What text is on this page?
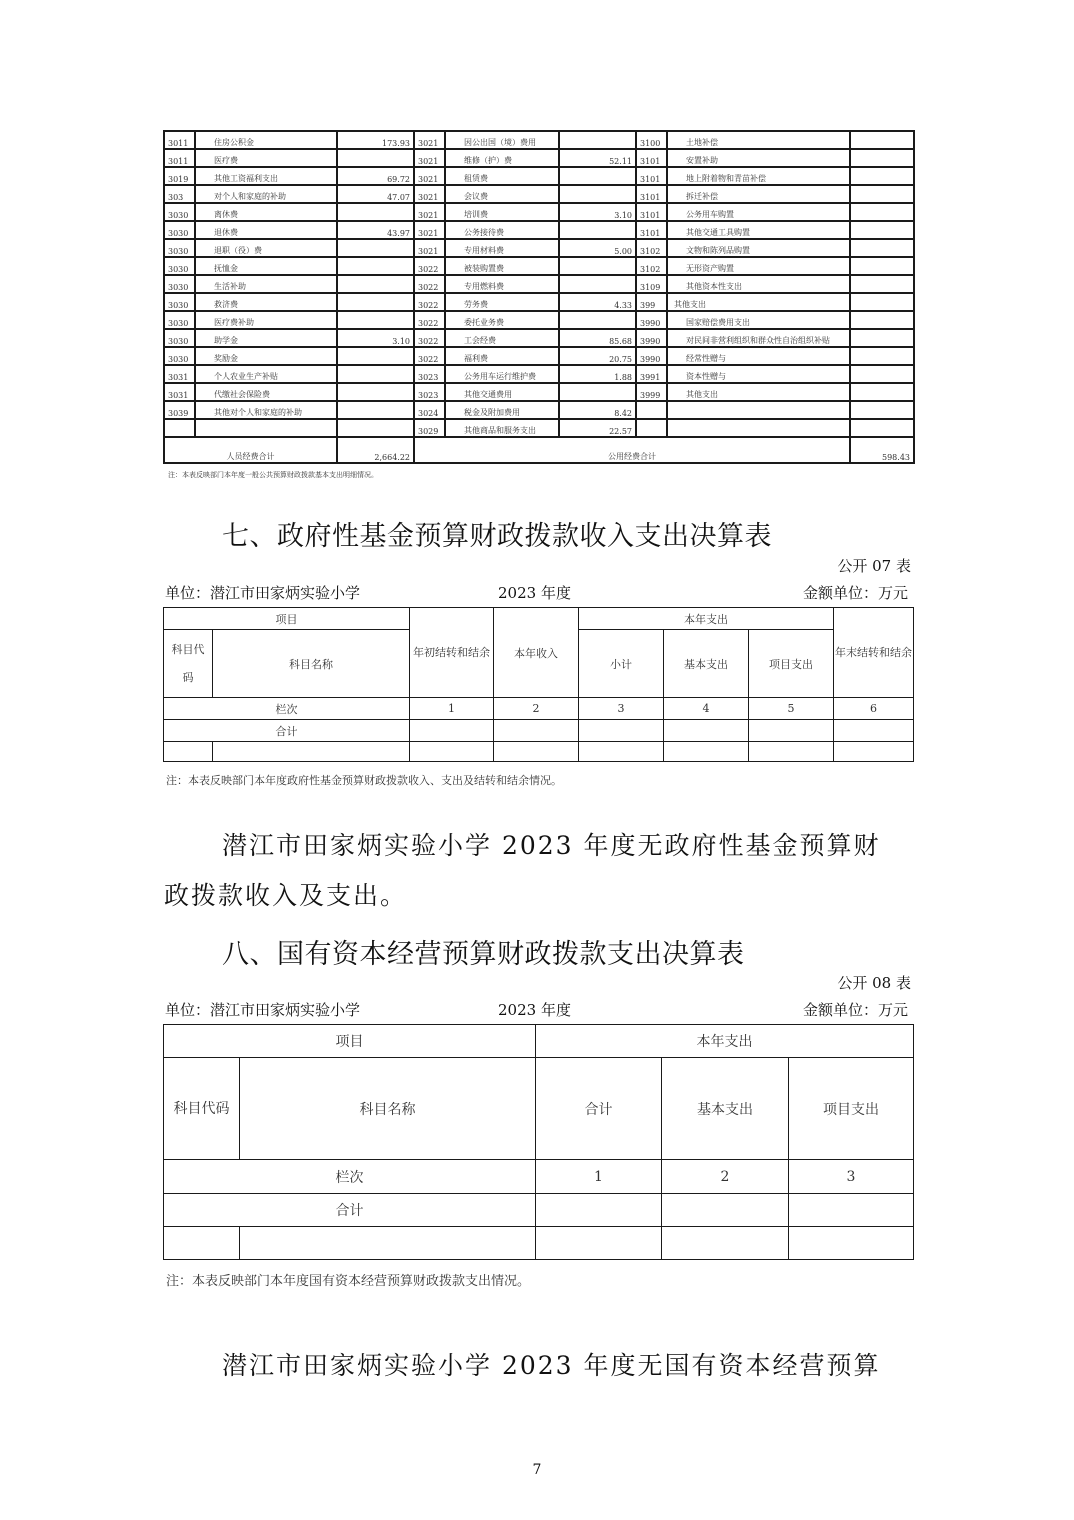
3011	住房公积金	173.93	3021	因公出国（境）费用		3100	土地补偿	
3011	医疗费		3021	维修（护）费	52.11	3101	安置补助	
3019	其他工资福利支出	69.72	3021	租赁费		3101	地上附着物和青苗补偿	
303	对个人和家庭的补助	47.07	3021	会议费		3101	拆迁补偿	
3030	离休费		3021	培训费	3.10	3101	公务用车购置	
3030	退休费	43.97	3021	公务接待费		3101	其他交通工具购置	
3030	退职（役）费		3021	专用材料费	5.00	3102	文物和陈列品购置	
3030	抚恤金		3022	被装购置费		3102	无形资产购置	
3030	生活补助		3022	专用燃料费		3109	其他资本性支出	
3030	救济费		3022	劳务费	4.33	399	其他支出	
3030	医疗费补助		3022	委托业务费		3990	国家赔偿费用支出	
3030	助学金	3.10	3022	工会经费	85.68	3990	对民间非营利组织和群众性自治组织补贴	
3030	奖励金		3022	福利费	20.75	3990	经常性赠与	
3031	个人农业生产补贴		3023	公务用车运行维护费	1.88	3991	资本性赠与	
3031	代缴社会保险费		3023	其他交通费用		3999	其他支出	
3039	其他对个人和家庭的补助		3024	税金及附加费用	8.42			
			3029	其他商品和服务支出	22.57			
人员经费合计		2,664.22	公用经费合计					598.43
注：本表反映部门本年度一般公共预算财政拨款基本支出明细情况。
七、政府性基金预算财政拨款收入支出决算表
公开 07 表
单位：潜江市田家炳实验小学	2023 年度	金额单位：万元
项目		年初结转和结余	本年收入	本年支出			年末结转和结余
科目代码	科目名称			小计	基本支出	项目支出	
栏次		1	2	3	4	5	6
合计							

注：本表反映部门本年度政府性基金预算财政拨款收入、支出及结转和结余情况。
潜江市田家炳实验小学 2023 年度无政府性基金预算财
政拨款收入及支出。
八、国有资本经营预算财政拨款支出决算表
公开 08 表
单位：潜江市田家炳实验小学	2023 年度	金额单位：万元
项目		本年支出		
科目代码	科目名称	合计	基本支出	项目支出
栏次		1	2	3
合计				

注：本表反映部门本年度国有资本经营预算财政拨款支出情况。
潜江市田家炳实验小学 2023 年度无国有资本经营预算
7
